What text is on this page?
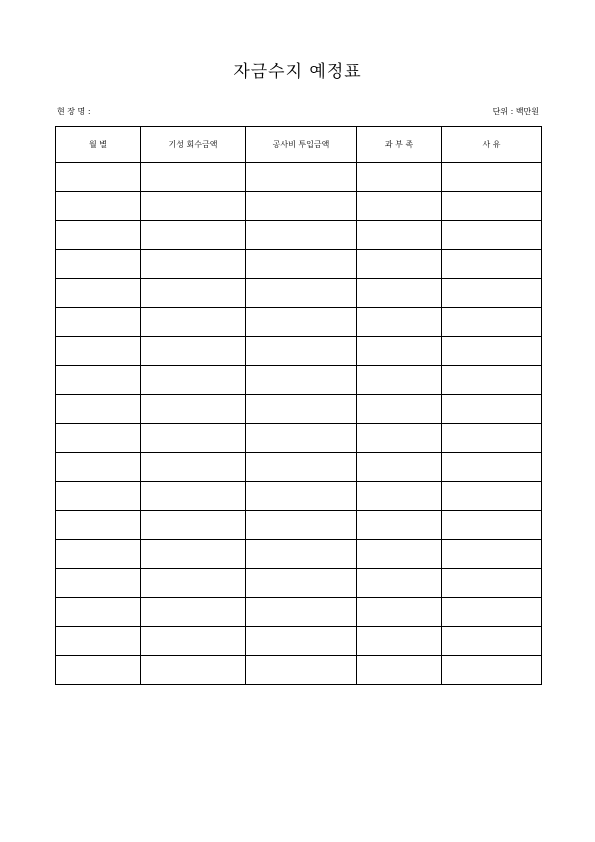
자금수지 예정표
현 장 명 :	단위 : 백만원
월 별	기성 회수금액	공사비 투입금액	과 부 족	사 유
